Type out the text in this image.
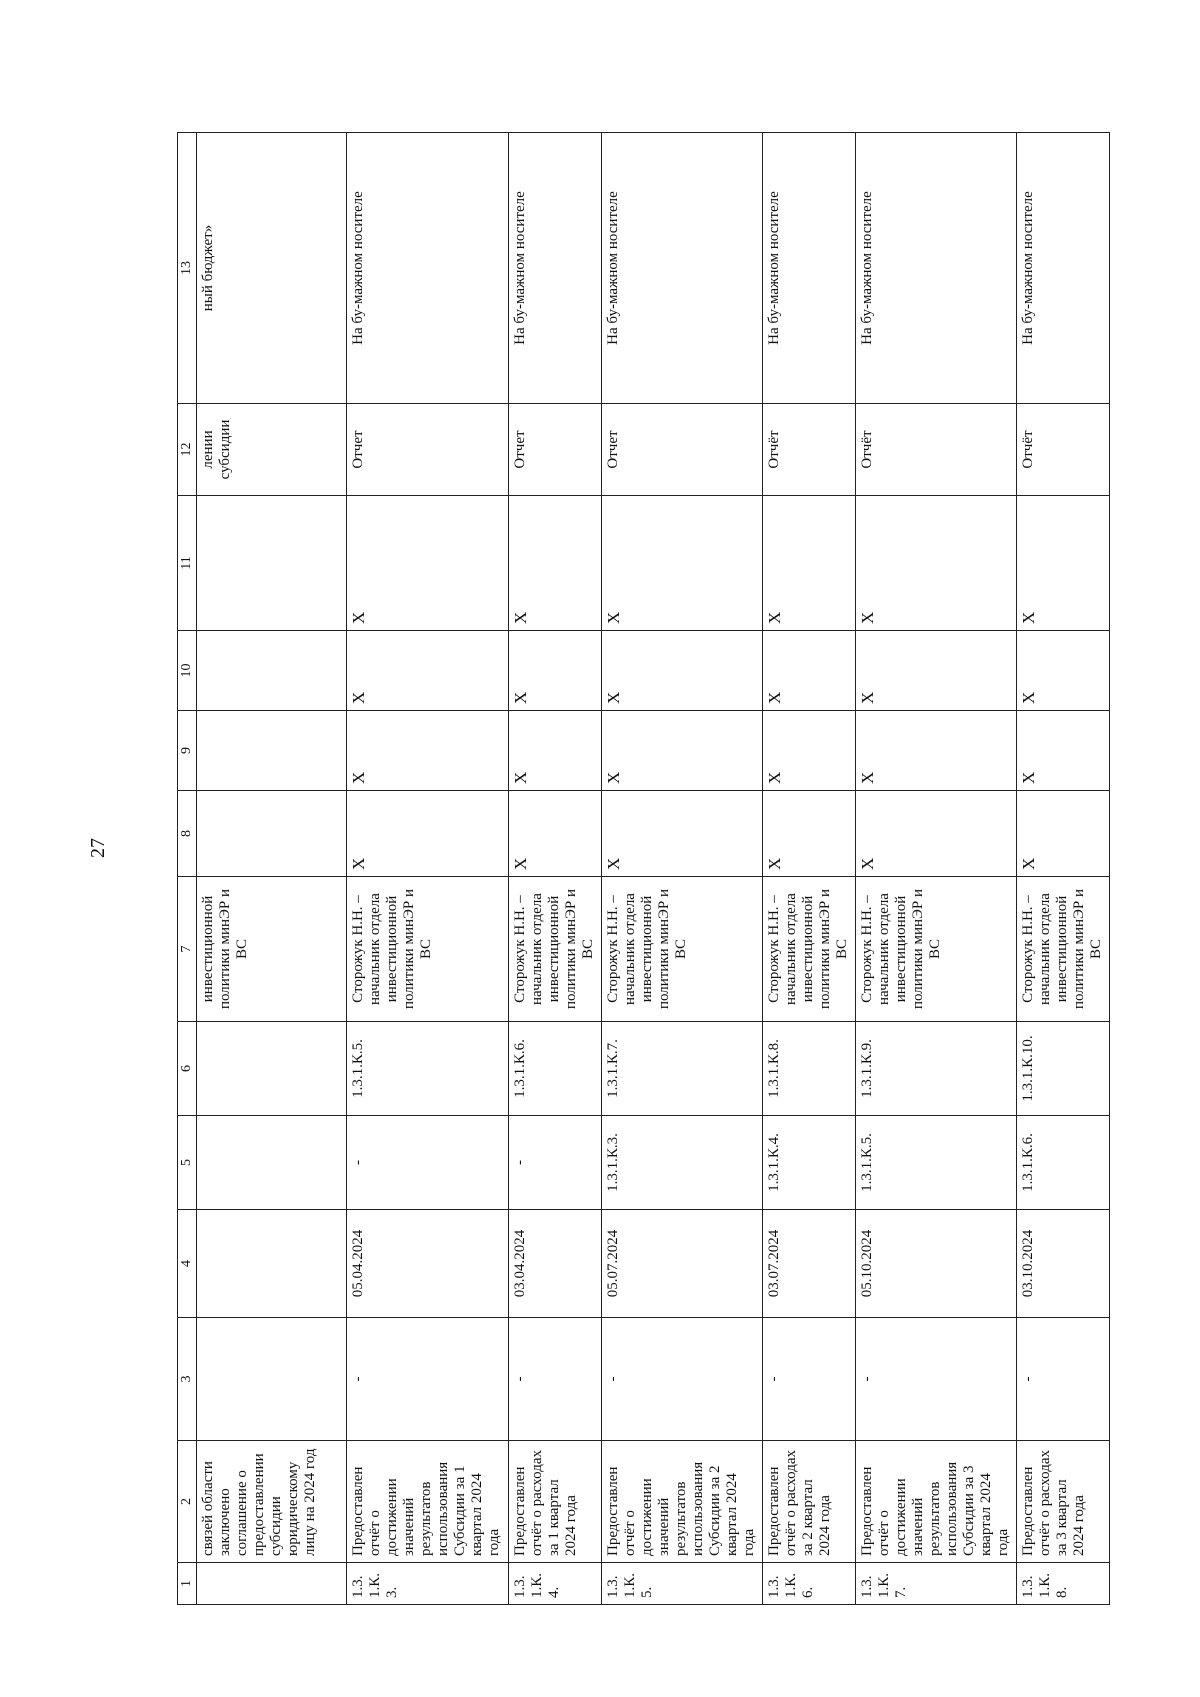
27
1	2	3	4	5	6	7	8	9	10	11	12	13
	связей области заключено соглашение о предоставлении субсидии юридическому лицу на 2024 год					инвестиционной политики минЭР и ВС					лении субсидии	ный бюджет»
1.3.1.К.3.	Предоставлен отчёт о достижении значений результатов использования Субсидии за 1 квартал 2024 года	-	05.04.2024	-	1.3.1.К.5.	Сторожук Н.Н. – начальник отдела инвестиционной политики минЭР и ВС	Х	Х	Х	Х	Отчет	На бу-мажном носителе
1.3.1.К.4.	Предоставлен отчёт о расходах за 1 квартал 2024 года	-	03.04.2024	-	1.3.1.К.6.	Сторожук Н.Н. – начальник отдела инвестиционной политики минЭР и ВС	Х	Х	Х	Х	Отчет	На бу-мажном носителе
1.3.1.К.5.	Предоставлен отчёт о достижении значений результатов использования Субсидии за 2 квартал 2024 года	-	05.07.2024	1.3.1.К.3.	1.3.1.К.7.	Сторожук Н.Н. – начальник отдела инвестиционной политики минЭР и ВС	Х	Х	Х	Х	Отчет	На бу-мажном носителе
1.3.1.К.6.	Предоставлен отчёт о расходах за 2 квартал 2024 года	-	03.07.2024	1.3.1.К.4.	1.3.1.К.8.	Сторожук Н.Н. – начальник отдела инвестиционной политики минЭР и ВС	Х	Х	Х	Х	Отчёт	На бу-мажном носителе
1.3.1.К.7.	Предоставлен отчёт о достижении значений результатов использования Субсидии за 3 квартал 2024 года	-	05.10.2024	1.3.1.К.5.	1.3.1.К.9.	Сторожук Н.Н. – начальник отдела инвестиционной политики минЭР и ВС	Х	Х	Х	Х	Отчёт	На бу-мажном носителе
1.3.1.К.8.	Предоставлен отчёт о расходах за 3 квартал 2024 года	-	03.10.2024	1.3.1.К.6.	1.3.1.К.10.	Сторожук Н.Н. – начальник отдела инвестиционной политики минЭР и ВС	Х	Х	Х	Х	Отчёт	На бу-мажном носителе
